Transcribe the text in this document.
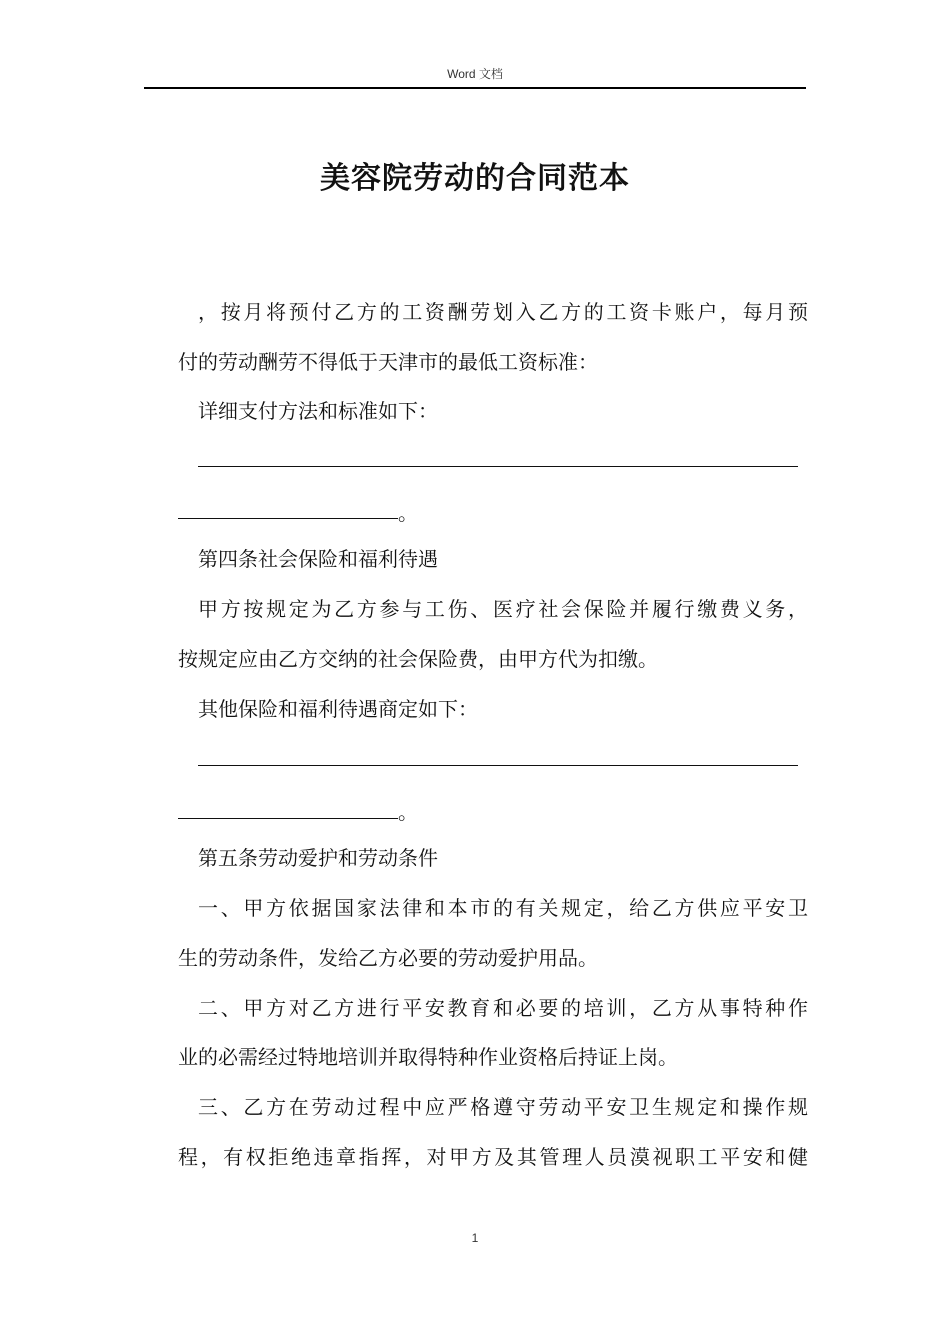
Word 文档
美容院劳动的合同范本
，按月将预付乙方的工资酬劳划入乙方的工资卡账户，每月预
付的劳动酬劳不得低于天津市的最低工资标准：
详细支付方法和标准如下：
。
第四条社会保险和福利待遇
甲方按规定为乙方参与工伤、医疗社会保险并履行缴费义务，
按规定应由乙方交纳的社会保险费，由甲方代为扣缴。
其他保险和福利待遇商定如下：
。
第五条劳动爱护和劳动条件
一、甲方依据国家法律和本市的有关规定，给乙方供应平安卫
生的劳动条件，发给乙方必要的劳动爱护用品。
二、甲方对乙方进行平安教育和必要的培训，乙方从事特种作
业的必需经过特地培训并取得特种作业资格后持证上岗。
三、乙方在劳动过程中应严格遵守劳动平安卫生规定和操作规
程，有权拒绝违章指挥，对甲方及其管理人员漠视职工平安和健
1
